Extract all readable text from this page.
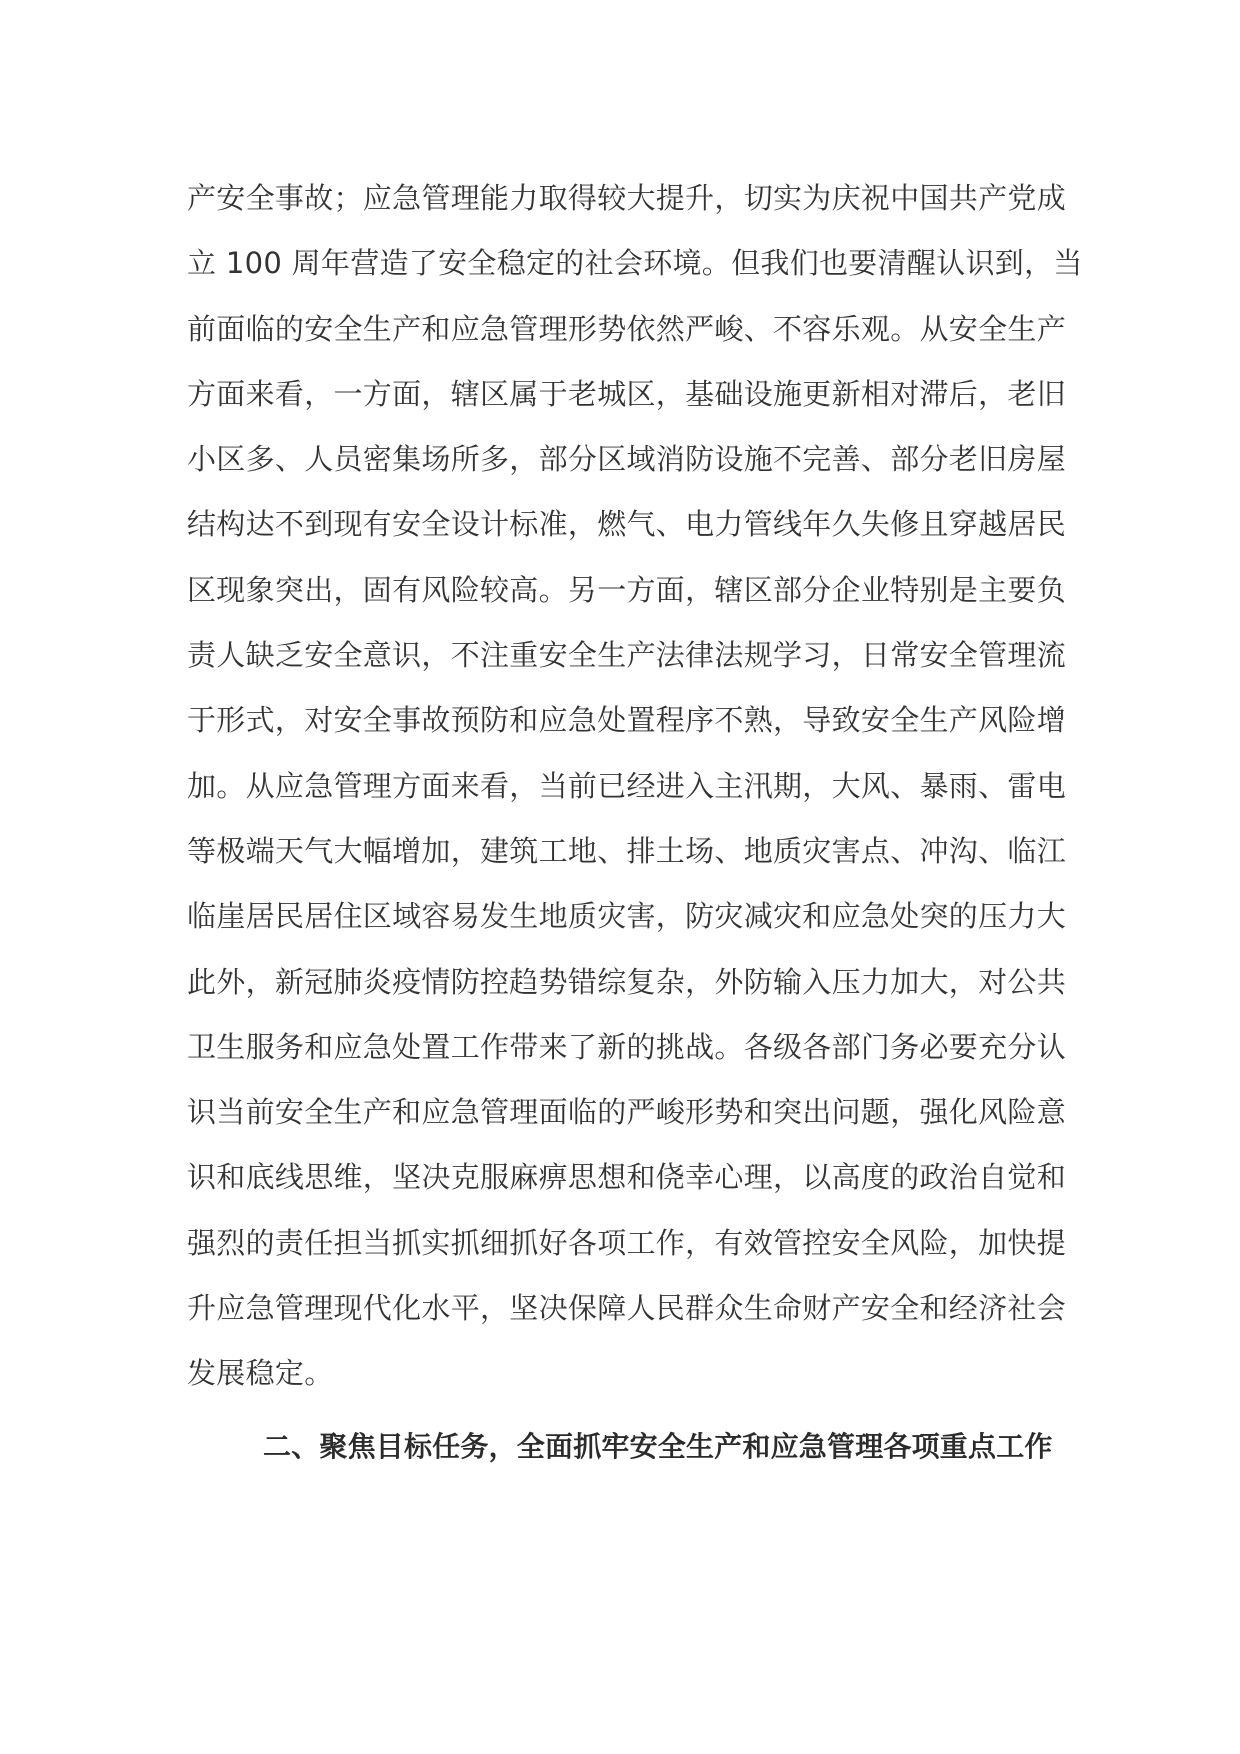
产安全事故；应急管理能力取得较大提升，切实为庆祝中国共产党成
立 100 周年营造了安全稳定的社会环境。但我们也要清醒认识到，当
前面临的安全生产和应急管理形势依然严峻、不容乐观。从安全生产
方面来看，一方面，辖区属于老城区，基础设施更新相对滞后，老旧
小区多、人员密集场所多，部分区域消防设施不完善、部分老旧房屋
结构达不到现有安全设计标准，燃气、电力管线年久失修且穿越居民
区现象突出，固有风险较高。另一方面，辖区部分企业特别是主要负
责人缺乏安全意识，不注重安全生产法律法规学习，日常安全管理流
于形式，对安全事故预防和应急处置程序不熟，导致安全生产风险增
加。从应急管理方面来看，当前已经进入主汛期，大风、暴雨、雷电
等极端天气大幅增加，建筑工地、排土场、地质灾害点、冲沟、临江
临崖居民居住区域容易发生地质灾害，防灾减灾和应急处突的压力大
此外，新冠肺炎疫情防控趋势错综复杂，外防输入压力加大，对公共
卫生服务和应急处置工作带来了新的挑战。各级各部门务必要充分认
识当前安全生产和应急管理面临的严峻形势和突出问题，强化风险意
识和底线思维，坚决克服麻痹思想和侥幸心理，以高度的政治自觉和
强烈的责任担当抓实抓细抓好各项工作，有效管控安全风险，加快提
升应急管理现代化水平，坚决保障人民群众生命财产安全和经济社会
发展稳定。
二、聚焦目标任务，全面抓牢安全生产和应急管理各项重点工作
